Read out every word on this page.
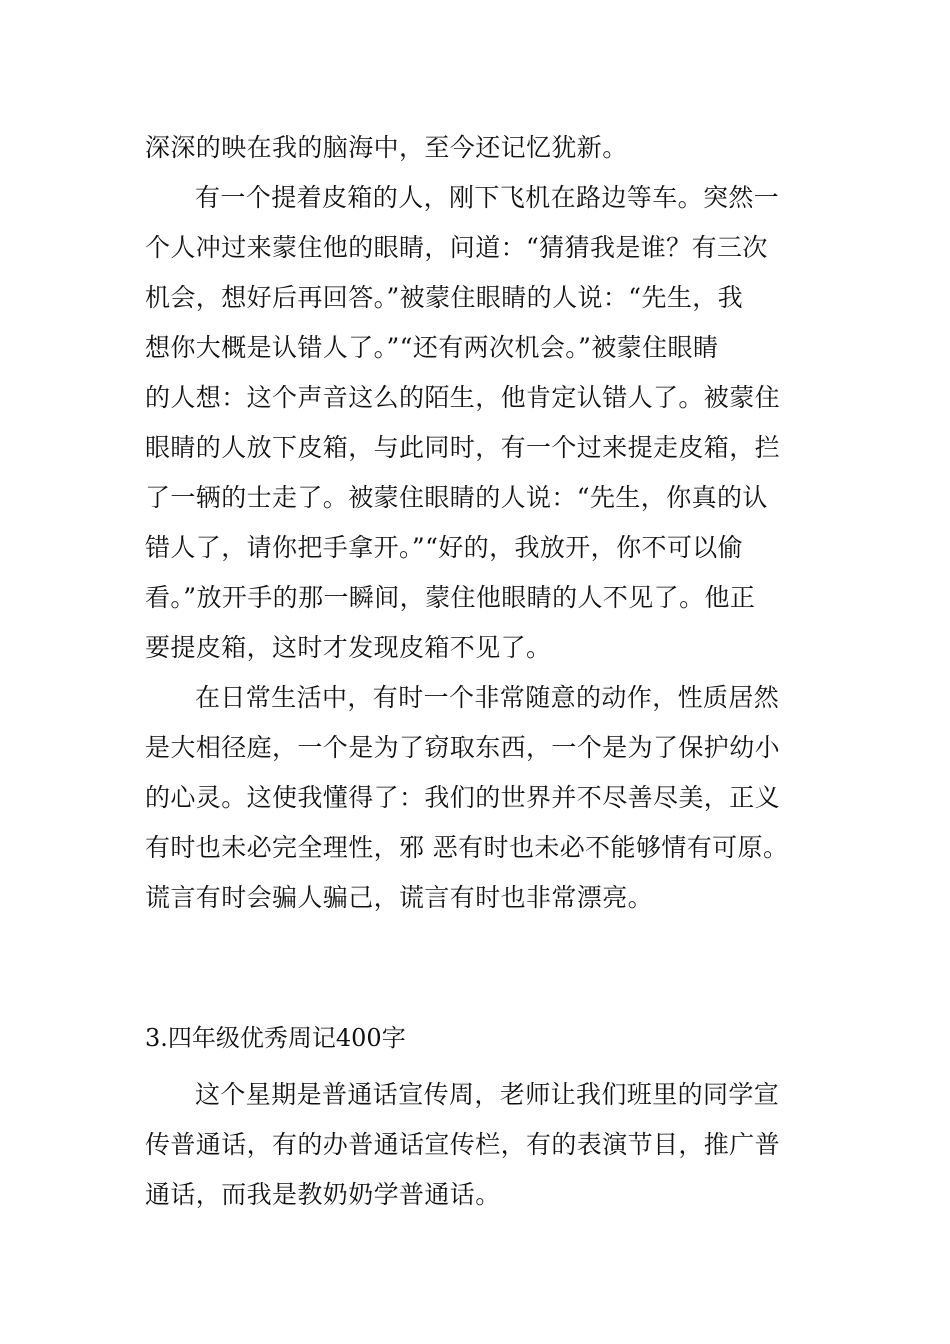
深深的映在我的脑海中，至今还记忆犹新。
有一个提着皮箱的人，刚下飞机在路边等车。突然一
个人冲过来蒙住他的眼睛，问道：“猜猜我是谁？有三次
机会，想好后再回答。”被蒙住眼睛的人说：“先生，我
想你大概是认错人了。”“还有两次机会。”被蒙住眼睛
的人想：这个声音这么的陌生，他肯定认错人了。被蒙住
眼睛的人放下皮箱，与此同时，有一个过来提走皮箱，拦
了一辆的士走了。被蒙住眼睛的人说：“先生，你真的认
错人了，请你把手拿开。”“好的，我放开，你不可以偷
看。”放开手的那一瞬间，蒙住他眼睛的人不见了。他正
要提皮箱，这时才发现皮箱不见了。
在日常生活中，有时一个非常随意的动作，性质居然
是大相径庭，一个是为了窃取东西，一个是为了保护幼小
的心灵。这使我懂得了：我们的世界并不尽善尽美，正义
有时也未必完全理性，邪 恶有时也未必不能够情有可原。
谎言有时会骗人骗己，谎言有时也非常漂亮。
3.四年级优秀周记400字
这个星期是普通话宣传周，老师让我们班里的同学宣
传普通话，有的办普通话宣传栏，有的表演节目，推广普
通话，而我是教奶奶学普通话。
